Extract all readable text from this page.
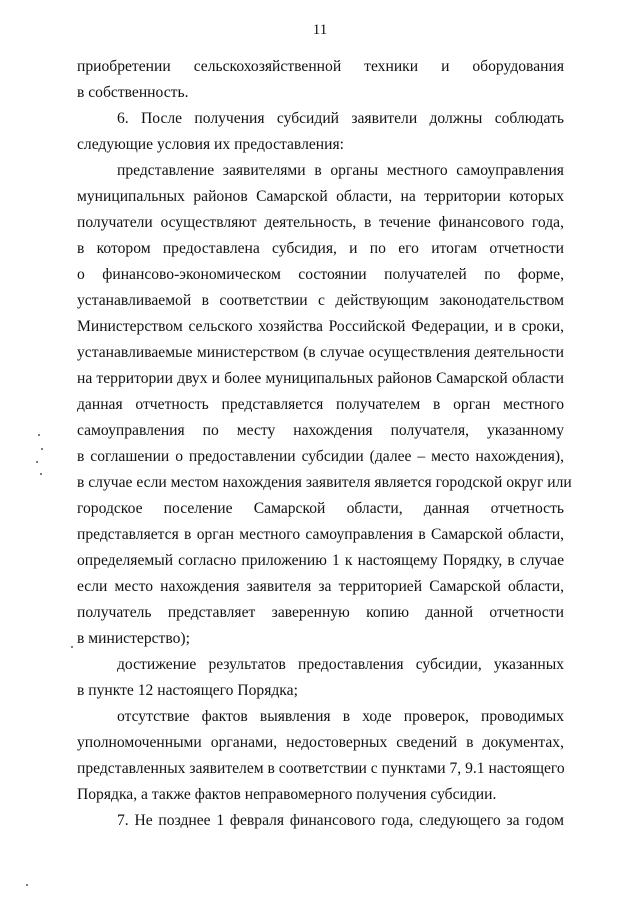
11
приобретении сельскохозяйственной техники и оборудования
в собственность.
6. После получения субсидий заявители должны соблюдать
следующие условия их предоставления:
представление заявителями в органы местного самоуправления
муниципальных районов Самарской области, на территории которых
получатели осуществляют деятельность, в течение финансового года,
в котором предоставлена субсидия, и по его итогам отчетности
о финансово-экономическом состоянии получателей по форме,
устанавливаемой в соответствии с действующим законодательством
Министерством сельского хозяйства Российской Федерации, и в сроки,
устанавливаемые министерством (в случае осуществления деятельности
на территории двух и более муниципальных районов Самарской области
данная отчетность представляется получателем в орган местного
самоуправления по месту нахождения получателя, указанному
в соглашении о предоставлении субсидии (далее – место нахождения),
в случае если местом нахождения заявителя является городской округ или
городское поселение Самарской области, данная отчетность
представляется в орган местного самоуправления в Самарской области,
определяемый согласно приложению 1 к настоящему Порядку, в случае
если место нахождения заявителя за территорией Самарской области,
получатель представляет заверенную копию данной отчетности
в министерство);
достижение результатов предоставления субсидии, указанных
в пункте 12 настоящего Порядка;
отсутствие фактов выявления в ходе проверок, проводимых
уполномоченными органами, недостоверных сведений в документах,
представленных заявителем в соответствии с пунктами 7, 9.1 настоящего
Порядка, а также фактов неправомерного получения субсидии.
7. Не позднее 1 февраля финансового года, следующего за годом
